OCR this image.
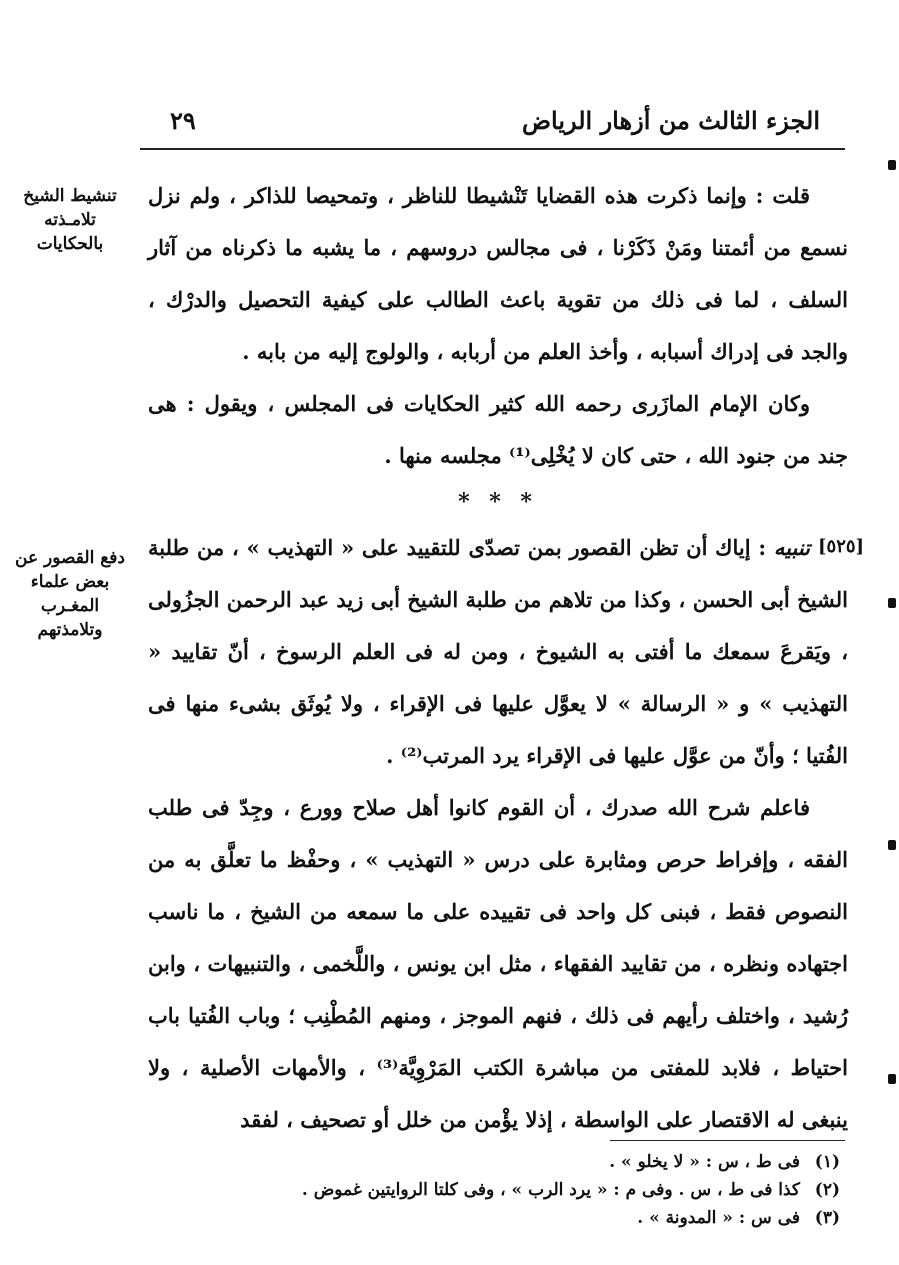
الجزء الثالث من أزهار الرياض
٢٩
تنشيط الشيخ
تلامـذته
بالحكايات
دفع القصور عن
بعض علماء
المغـرب
وتلامذتهم
[٥٢٥]

قلت : وإنما ذكرت هذه القضايا تَنْشيطا للناظر ، وتمحيصا للذاكر ، ولم نزل نسمع من أئمتنا ومَنْ ذَكَرْنا ، فى مجالس دروسهم ، ما يشبه ما ذكرناه من آثار السلف ، لما فى ذلك من تقوية باعث الطالب على كيفية التحصيل والدرْك ، والجد فى إدراك أسبابه ، وأخذ العلم من أربابه ، والولوج إليه من بابه .

وكان الإمام المازَرى رحمه الله كثير الحكايات فى المجلس ، ويقول : هى جند من جنود الله ، حتى كان لا يُخْلِى⁽¹⁾ مجلسه منها .

* * *

تنبيه : إياك أن تظن القصور بمن تصدّى للتقييد على « التهذيب » ، من طلبة الشيخ أبى الحسن ، وكذا من تلاهم من طلبة الشيخ أبى زيد عبد الرحمن الجزُولى ، ويَقرعَ سمعك ما أفتى به الشيوخ ، ومن له فى العلم الرسوخ ، أنّ تقاييد « التهذيب » و « الرسالة » لا يعوَّل عليها فى الإقراء ، ولا يُوثَق بشىء منها فى الفُتيا ؛ وأنّ من عوَّل عليها فى الإقراء يرد المرتب⁽²⁾ .

فاعلم شرح الله صدرك ، أن القوم كانوا أهل صلاح وورع ، وجِدّ فى طلب الفقه ، وإفراط حرص ومثابرة على درس « التهذيب » ، وحفْظ ما تعلَّق به من النصوص فقط ، فبنى كل واحد فى تقييده على ما سمعه من الشيخ ، ما ناسب اجتهاده ونظره ، من تقاييد الفقهاء ، مثل ابن يونس ، واللَّخمى ، والتنبيهات ، وابن رُشيد ، واختلف رأيهم فى ذلك ، فنهم الموجز ، ومنهم المُطْنِب ؛ وباب الفُتيا باب احتياط ، فلابد للمفتى من مباشرة الكتب المَرْوِيَّة⁽³⁾ ، والأمهات الأصلية ، ولا ينبغى له الاقتصار على الواسطة ، إذلا يؤْمن من خلل أو تصحيف ، لفقد

(١)فى ط ، س : « لا يخلو » .

(٢)كذا فى ط ، س . وفى م : « يرد الرب » ، وفى كلتا الروايتين غموض .

(٣)فى س : « المدونة » .
